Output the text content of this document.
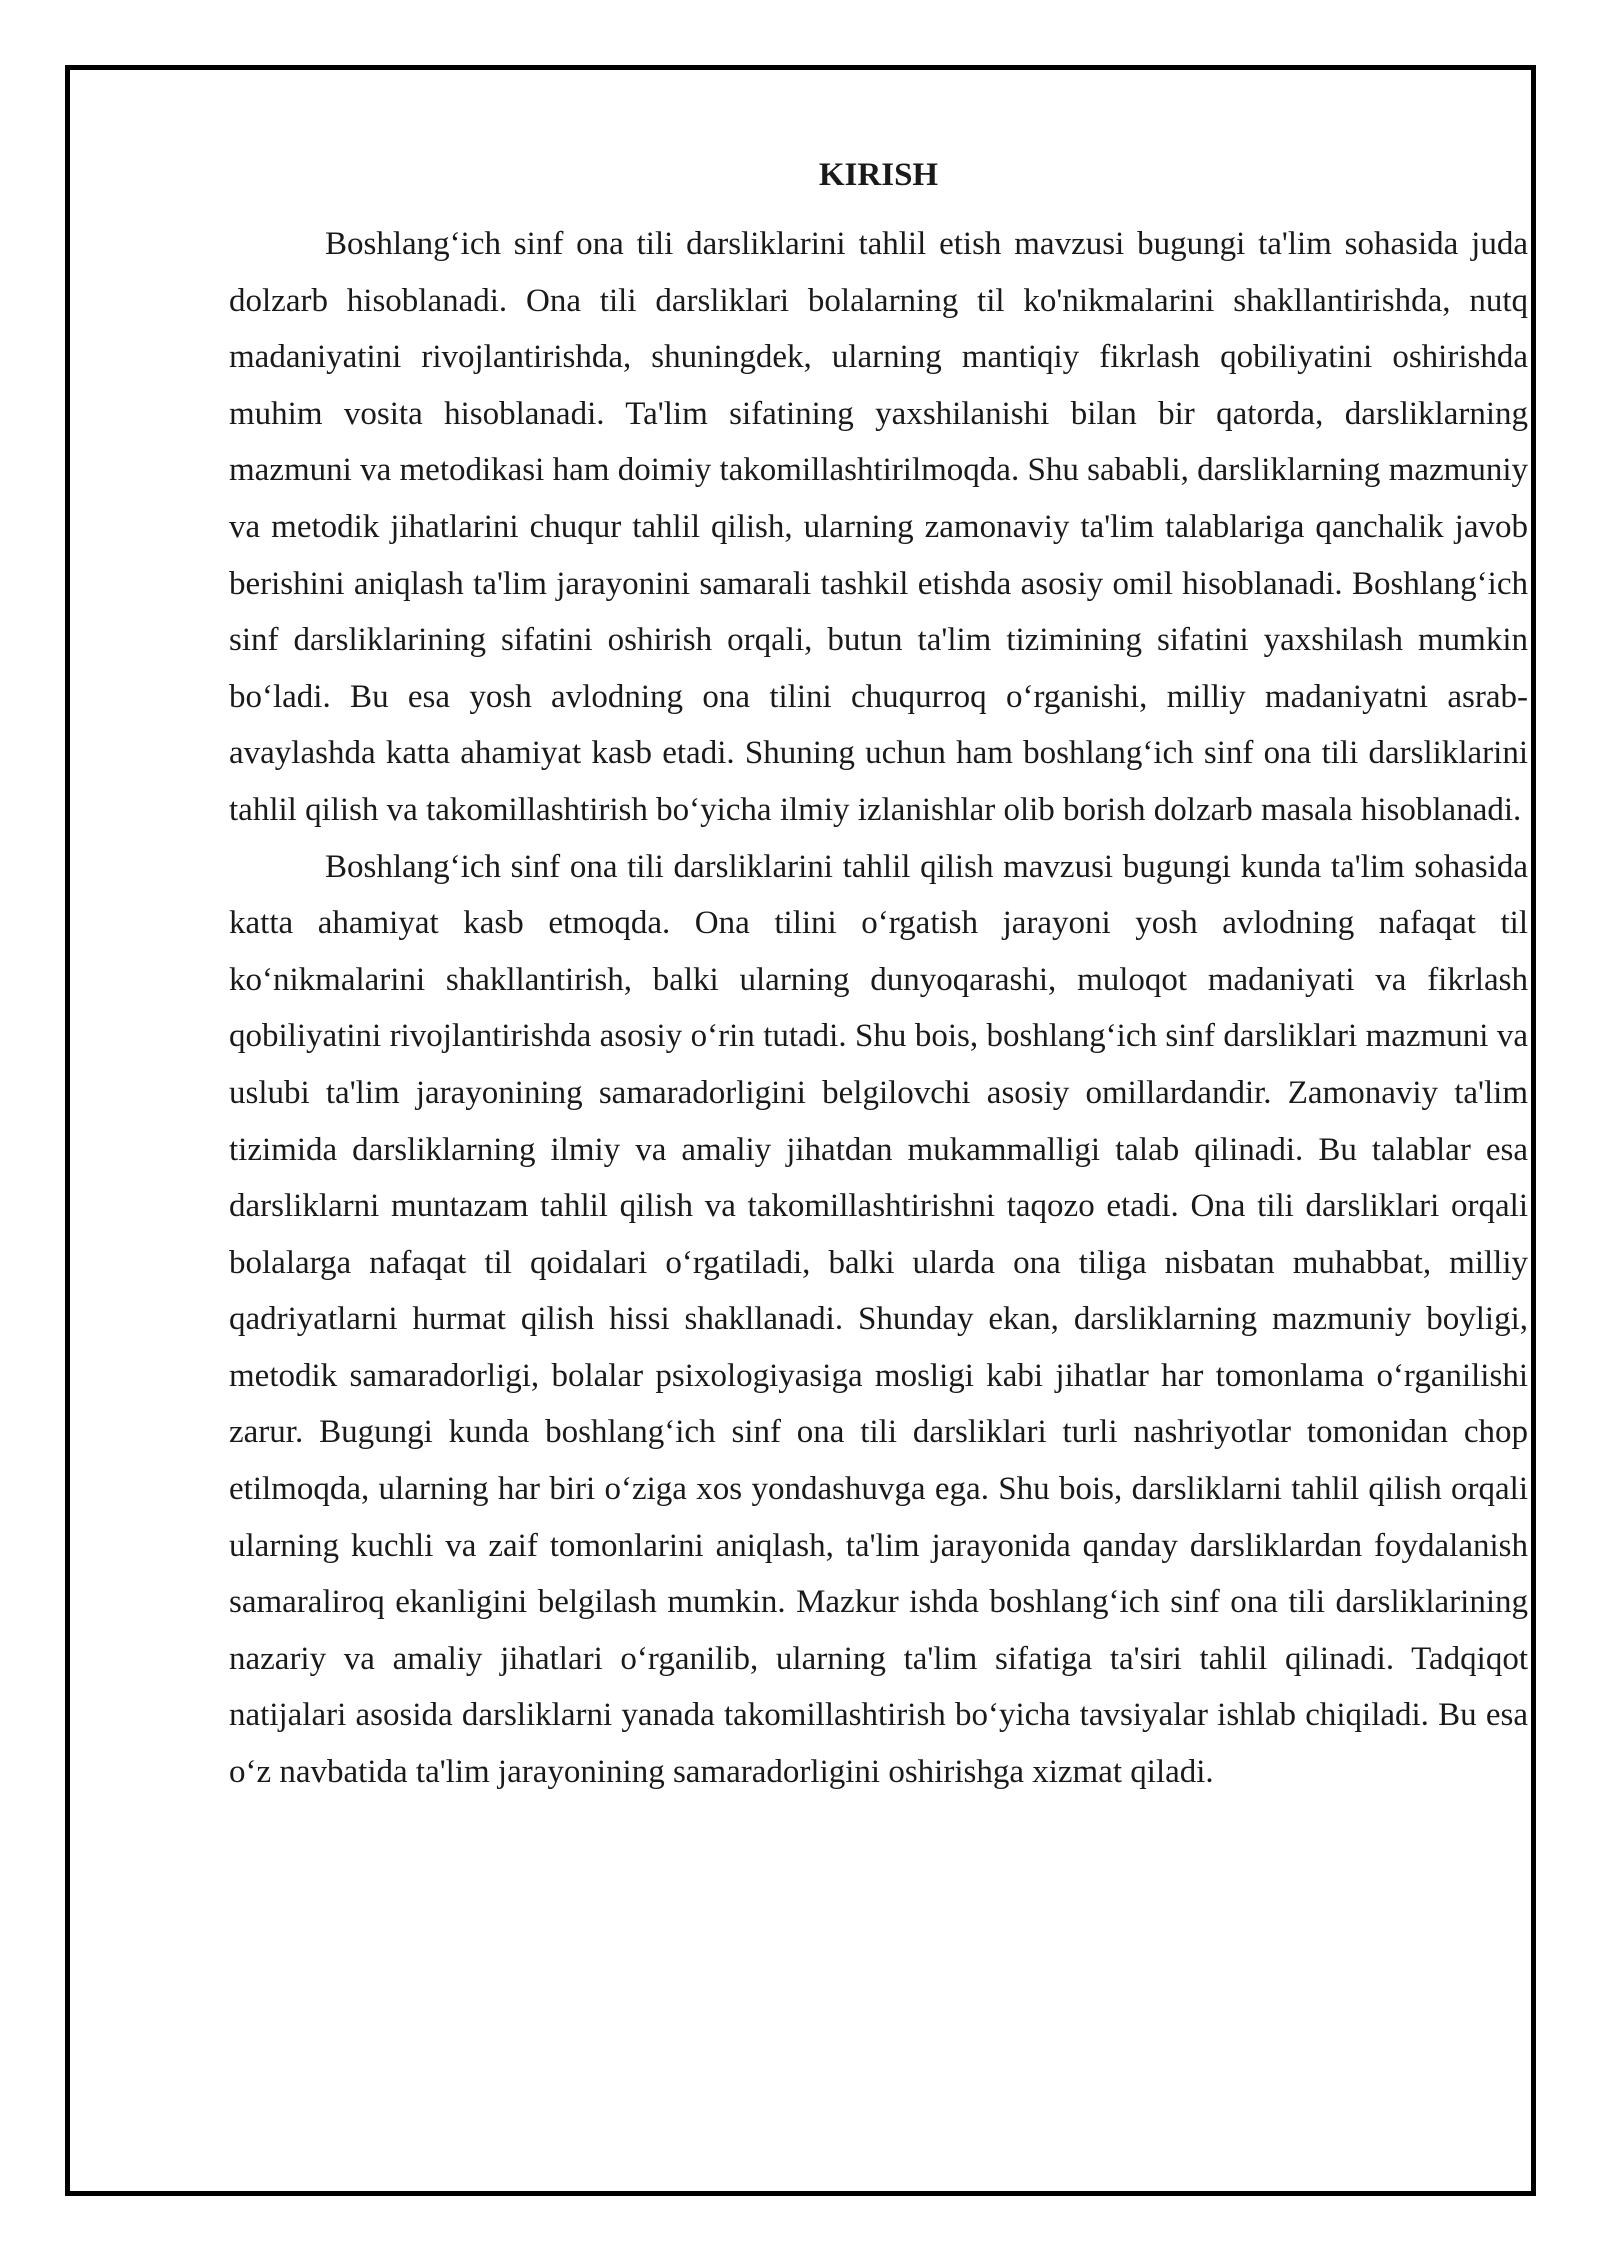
KIRISH

Boshlang‘ich sinf ona tili darsliklarini tahlil etish mavzusi bugungi ta'lim sohasida juda dolzarb hisoblanadi. Ona tili darsliklari bolalarning til ko'nikmalarini shakllantirishda, nutq madaniyatini rivojlantirishda, shuningdek, ularning mantiqiy fikrlash qobiliyatini oshirishda muhim vosita hisoblanadi. Ta'lim sifatining yaxshilanishi bilan bir qatorda, darsliklarning mazmuni va metodikasi ham doimiy takomillashtirilmoqda. Shu sababli, darsliklarning mazmuniy va metodik jihatlarini chuqur tahlil qilish, ularning zamonaviy ta'lim talablariga qanchalik javob berishini aniqlash ta'lim jarayonini samarali tashkil etishda asosiy omil hisoblanadi. Boshlang‘ich sinf darsliklarining sifatini oshirish orqali, butun ta'lim tizimining sifatini yaxshilash mumkin bo‘ladi. Bu esa yosh avlodning ona tilini chuqurroq o‘rganishi, milliy madaniyatni asrab-avaylashda katta ahamiyat kasb etadi. Shuning uchun ham boshlang‘ich sinf ona tili darsliklarini tahlil qilish va takomillashtirish bo‘yicha ilmiy izlanishlar olib borish dolzarb masala hisoblanadi.

Boshlang‘ich sinf ona tili darsliklarini tahlil qilish mavzusi bugungi kunda ta'lim sohasida katta ahamiyat kasb etmoqda. Ona tilini o‘rgatish jarayoni yosh avlodning nafaqat til ko‘nikmalarini shakllantirish, balki ularning dunyoqarashi, muloqot madaniyati va fikrlash qobiliyatini rivojlantirishda asosiy o‘rin tutadi. Shu bois, boshlang‘ich sinf darsliklari mazmuni va uslubi ta'lim jarayonining samaradorligini belgilovchi asosiy omillardandir. Zamonaviy ta'lim tizimida darsliklarning ilmiy va amaliy jihatdan mukammalligi talab qilinadi. Bu talablar esa darsliklarni muntazam tahlil qilish va takomillashtirishni taqozo etadi. Ona tili darsliklari orqali bolalarga nafaqat til qoidalari o‘rgatiladi, balki ularda ona tiliga nisbatan muhabbat, milliy qadriyatlarni hurmat qilish hissi shakllanadi. Shunday ekan, darsliklarning mazmuniy boyligi, metodik samaradorligi, bolalar psixologiyasiga mosligi kabi jihatlar har tomonlama o‘rganilishi zarur. Bugungi kunda boshlang‘ich sinf ona tili darsliklari turli nashriyotlar tomonidan chop etilmoqda, ularning har biri o‘ziga xos yondashuvga ega. Shu bois, darsliklarni tahlil qilish orqali ularning kuchli va zaif tomonlarini aniqlash, ta'lim jarayonida qanday darsliklardan foydalanish samaraliroq ekanligini belgilash mumkin. Mazkur ishda boshlang‘ich sinf ona tili darsliklarining nazariy va amaliy jihatlari o‘rganilib, ularning ta'lim sifatiga ta'siri tahlil qilinadi. Tadqiqot natijalari asosida darsliklarni yanada takomillashtirish bo‘yicha tavsiyalar ishlab chiqiladi. Bu esa o‘z navbatida ta'lim jarayonining samaradorligini oshirishga xizmat qiladi.
